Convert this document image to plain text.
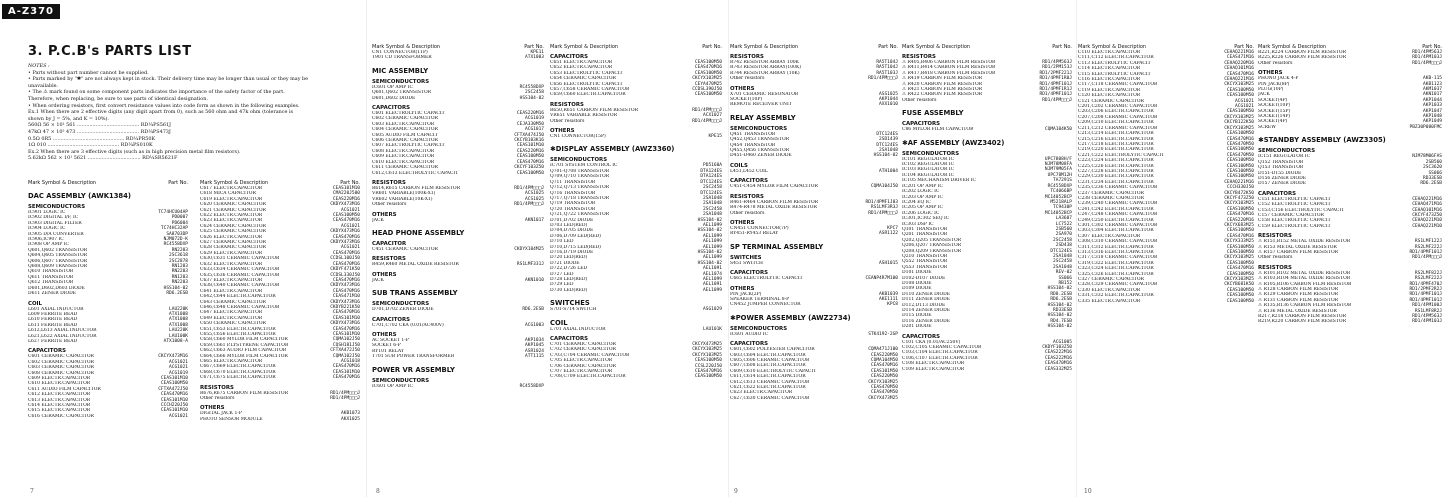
A-Z370
3. P.C.B's PARTS LIST
NOTES :
• Parts without part number cannot be supplied.
• Parts marked by "✱" are not always kept in stock. Their delivery time may be longer than usual or they may be
unavailable.
• The ⚠ mark found on some component parts indicates the importance of the safety factor of the part.
Therefore, when replacing, be sure to use parts of identical designation.
• When ordering resistors, first convert resistance values into code form as shown in the following examples.
Ex.1 When there are 2 effective digits (any digit apart from 0), such as 560 ohm and 47k ohm (tolerance is
shown by J = 5%, and K = 10%).
560Ω 56 × 10¹ 561 ........................................ RD¼PS561J
47kΩ 47 × 10³ 473 ........................................ RD¼PS473J
0.5Ω 0R5 .............................................. RD¼PR50K
1Ω 010 .............................................. RD¼PS010K
Ex.2 When there are 3 effective digits (such as in high precision metal film resistors).
5.62kΩ 562 × 10¹ 5621 .................................. RD¼SR5621F
Mark Symbol & Description	Part No.
DAC ASSEMBLY (AWK1384)
SEMICONDUCTORS
IC901 LOGIC IC	TC74HCU04AP
IC902 DIGITAL I/F, IC	PD0007
IC903 DIGITAL FILTER	PD6004
IC904 LOGIC IC	TC74HC32AP
IC905 D/A CONVERTER	SA8703DP
IC906,IC907 IC	NJM072D-K
IC908 OP AMP IC	RC4558DXP
Q601,Q602 TRANSISTOR	RN2203
Q604,Q605 TRANSISTOR	2SC3618
Q606,Q607 TRANSISTOR	2SC2878
Q608,Q609 TRANSISTOR	RN1203
Q610 TRANSISTOR	RN2203
Q611 TRANSISTOR	RN1203
Q612 TRANSISTOR	RN2203
D601,D602,D603 DIODE	HSS104-02
D611 ZENER DIODE	RD6.2ESB
COIL
L601 AXIAL INDUCTOR	LAU220K
L609 FERRITE BEAD	ATX1008
L610 FERRITE BEAD	ATX1008
L611 FERRITE BEAD	ATX1008
L612,L613 AXIAL INDUCTOR	LAU220K
L621,L622 AXIAL INDUCTOR	LAU100K
L627 FERRITE BEAD	ATX1008-A
CAPACITORS
C601 CERAMIC CAPACITOR	CKCYX473M16
C602 CERAMIC CAPACITOR	ACG1021
C603 CERAMIC CAPACITOR	ACG1021
C608 CERAMIC CAPACITOR	ACG1019
C609 ELECTR.CAPACITOR	CEAS101M10
C610 ELECTR.CAPACITOR	CEAS100M50
C611 AUDIO FILM CAPACITOR	CFTXA472J50
C612 ELECTR.CAPACITOR	CEAS470M16
C613 ELECTR.CAPACITOR	CEAS101M10
C614 ELECTR.CAPACITOR	CCCH220J50
C615 ELECTR.CAPACITOR	CEAS101M10
C616 CERAMIC CAPACITOR	ACG1021
Mark Symbol & Description	Part No.
C617 ELECTR.CAPACITOR	CEAS101M10
C618 MICA CAPACITOR	CMA220J500
C619 ELECTR.CAPACITOR	CEAS220M16
C620 CERAMIC CAPACITOR	CKDYX473M16
C621 CERAMIC CAPACITOR	ACG1021
C622 ELECTR.CAPACITOR	CEAS100M50
C623 ELECTR.CAPACITOR	CEAS470M16
C624 CERAMIC CAPACITOR	ACG1021
C625 CERAMIC CAPACITOR	CKDYX473M16
C626 ELECTR.CAPACITOR	CEAS470M16
C627 CERAMIC CAPACITOR	CKDYX473M16
C628 CERAMIC CAPACITOR	ACG1021
C629 ELECTR.CAPACITOR	CEAS470M16
C630,C631 CERAMIC CAPACITOR	CCDSL100J50
C632 ELECTR.CAPACITOR	CEAS470M16
C633,C634 CERAMIC CAPACITOR	CKDYF471K50
C635,C636 CERAMIC CAPACITOR	CCDSL330J50
C637 ELECTR.CAPACITOR	CEAS470M16
C638,C640 CERAMIC CAPACITOR	CKDYX473M16
C641 ELECTR.CAPACITOR	CEAS470M16
C642,C644 ELECTR.CAPACITOR	CEAS471M10
C643 CERAMIC CAPACITOR	CKDYX473M16
C646,C648 CERAMIC CAPACITOR	CKDYB221K50
C647 ELECTR.CAPACITOR	CEAS470M16
C649 ELECTR.CAPACITOR	CEAS101M10
C650 CERAMIC CAPACITOR	CKDYX473M16
C651,C653 ELECTR.CAPACITOR	CEAS470M16
C655,C656 ELECTR.CAPACITOR	CEAS101M10
C658,C660 MYLOR FILM CAPACITOR	CQMA102J50
C659,C661 P.LYSTYRENE CAPACITOR	CQSH181J50
C662,C663 AUDIO FILM CAPACITOR	CFTXA472J50
C664,C666 MYLOR FILM CAPACITOR	CQMA102J50
C665 ELECTR.CAPACITOR	ACG1018
C667,C669 ELECTR.CAPACITOR	CEAS470M16
C668,C670 ELECTR.CAPACITOR	CEAS101M10
C671,C675 ELECTR.CAPACITOR	CEAS470M16
RESISTORS
R676,R675 CARBON FILM RESISTOR	RD1/4PM□□□J
Other resistors	RD1/4PM□□□J
OTHERS
DIGITAL JACK 1-P	AKB1073
PHOTO SENSOR MODULE	AKX1025
7
Mark Symbol & Description	Part No.
CN1 CONNECTOR(11P)	KPE11
T901 CD TRANSFORMER	ATX1003
MIC ASSEMBLY
SEMICONDUCTORS
IC601 OP AMP IC	RC4558DXP
Q601,Q602 TRANSISTOR	2SC2458
D601,D602 DIODE	HSS104-02
CAPACITORS
C601 ELECTROLYTIC CAPACIT	CEAS220M16
C602 CERAMIC CAPACITOR	ACG1019
C603 ELECTR.CAPACITOR	CEJA330M50
C604 CERAMIC CAPACITOR	ACG1017
C605 AUDIO FILM CAPACIT	CFTXA474J50
C606 CERAMIC CAPACITOR	CKCYB103K16
C607 ELECTROLYTIC CAPACIT	CEAS101M10
C608 ELECTR.CAPACITOR	CEAS220M16
C609 ELECTR.CAPACITOR	CEAS100M50
C610 ELECTR.CAPACITOR	CEAS470M16
C611 CERAMIC CAPACITOR	CKCYF103Z50
C612,C613 ELECTROLYTIC CAPACIT	CEAS100M50
RESISTORS
R614,R615 CARBON FILM RESISTOR	RD1/4PM□□□J
VR601 VARIABLE(100K-X1)	ACS1025
VR602 VARIABLE(10K-X1)	ACS1025
Other resistors	RD1/4PM□□□J
OTHERS
JACK	AKN1017
HEAD PHONE ASSEMBLY
CAPACITOR
C451 CERAMIC CAPACITOR	CKDYX104M25
RESISTORS
R459,R460 METAL OXIDE RESISTOR	RS1LMF331J
OTHERS
JACK	AKN1010
SUB TRANS ASSEMBLY
SEMICONDUCTORS
D701,D702 ZENER DIODE	RD6.2ESB
CAPACITORS
C701,C702 CKA (0.01/AC400V)	ACG1003
OTHERS
AC SOCKET 1-P	AKP1034
SOCKET 6-P	AKP1045
RY101 RELAY	ASR1024
T701 SUB POWER TRANSFORMER	ATT1115
POWER VR ASSEMBLY
SEMICONDUCTORS
IC601 OP AMP IC	RC4558DXP
Mark Symbol & Description	Part No.
CAPACITORS
C651 ELECTR.CAPACITOR	CEAS100M50
C652 ELECTR.CAPACITOR	CEAS470M16
C653 ELECTROLYTIC CAPACIT	CEAS100M50
C654 CERAMIC CAPACITOR	CKCYX103M25
C656 ELECTROLYTIC CAPACIT	CEYA470M25
C657,C658 CERAMIC CAPACITOR	CCDSL390J50
C659,C660 ELECTR.CAPACITOR	CEAS100M50
RESISTORS
R650,R651 CARBON FILM RESISTOR	RD1/4PM□□□J
VR651 VARIABLE RESISTOR	ACX1027
Other resistors	RD1/4PM□□□J
OTHERS
CN1 CONNECTOR(15P)	KPE15
✱DISPLAY ASSEMBLY (AWZ3360)
SEMICONDUCTORS
IC701 SYSTEM CONTROL IC	PD5160A
Q701-Q708 TRANSISTOR	DTA124ES
Q709,Q710 TRANSISTOR	DTA124ES
Q711 TRANSISTOR	DTC124ES
Q712,Q713 TRANSISTOR	2SC2458
Q716 TRANSISTOR	DTC124ES
Q717,Q718 TRANSISTOR	2SA1048
Q719 TRANSISTOR	2SA1048
Q720 TRANSISTOR	2SC2458
Q721,Q722 TRANSISTOR	2SA1048
D701,D702 DIODE	HSS104-02
D703 LED(RED)	AEL1099
D704,D705 DIODE	HSS104-02
D706,D709 LED(RED)	AEL1099
D710 LED	AEL1099
D710,D715 LED(RED)	AEL1099
D716,D719 DIODE	HSS104-02
D720 LED(RED)	AEL1099
D721 DIODE	HSS104-02
D722,D726 LED	AEL1091
D727 LED	AEL1074
D728 LED(RED)	AEL1099
D729 LED	AEL1091
D730 LED(RED)	AEL1099
SWITCHES
S701-S714 SWITCH	ASG1029
COIL
L701 AXIAL INDUCTOR	LAU101K
CAPACITORS
C701 CERAMIC CAPACITOR	CKCYX473M25
C702 CERAMIC CAPACITOR	CKCYX103M25
C703,C704 CERAMIC CAPACITOR	CKCYX103M25
C705 ELECTR.CAPACITOR	CEAS100M50
C706 CERAMIC CAPACITOR	CCSL220J50
C707 ELECTR.CAPACITOR	CEAS470M16
C708,C709 ELECTR.CAPACITOR	CEAS100M50
8
Mark Symbol & Description	Part No.
RESISTORS
R742 RESISTOR ARRAY 100K	RA5T104J
R743 RESISTOR ARRAY(100K)	RA5T104J
R744 RESISTOR ARRAY (10K)	RA5T103J
Other resistors	RD1/4PM□□□J
OTHERS
X701 CERAMIC RESONATOR	ASS1025
SOCKET(10P)	AKP1044
REMOTE RECEIVER UNIT	AXX1010
RELAY ASSEMBLY
SEMICONDUCTORS
Q451 TRANSISTOR	DTC124ES
Q452,Q453 TRANSISTOR	2SD1439
Q454 TRANSISTOR	DTC124ES
Q455,Q456 TRANSISTOR	2SA1048
D451-D460 ZENER DIODE	HSS104-02
COILS
L451,L452 COIL	ATH1004
CAPACITORS
C451-C454 MYLOR FILM CAPACITOR	CQMA104J50
RESISTORS
R461-R464 CARBON FILM RESISTOR	RD1/4PMF1J03
R474-R478 METAL OXIDE RESISTOR	RS1LMF3R3J
Other resistors	RD1/4PM□□□J
OTHERS
CN451 CONNECTOR(7P)	KPC7
RY451-RY453 RELAY	ASR1122
SP TERMINAL ASSEMBLY
SWITCHES
S451 SWITCH	ASH1015
CAPACITORS
C665 ELECTROLYTIC CAPACIT	CEANP4R7M100
OTHERS
PIN JACK(2P)	AKB1039
SPEAKER TERMINAL 8-P	AKE1111
CN452 JUMPER CONNECTOR	KPC8
✱POWER ASSEMBLY (AWZ2734)
SEMICONDUCTORS
IC601 AUDIO IC	STK4192-2GP
CAPACITORS
C601,C602 POLYESTER CAPACITOR	CQMA471J100
C603,C604 ELECTR.CAPACITOR	CEAS220M50
C605,C606 CERAMIC CAPACITOR	CQMA104M50
C607,C608 ELECTR.CAPACITOR	CEAS470M16
C609,C610 ELECTROLYTIC CAPACIT	CEAS101M50
C611,C614 ELECTR.CAPACITOR	CEAS220M50
C612,C613 CERAMIC CAPACITOR	CKCYX103M25
C621,C622 ELECTR.CAPACITOR	CEAS470M50
C623 ELECTR.CAPACITOR	CEAS470M50
C627,C630 CERAMIC CAPACITOR	CKCYX473M25
Mark Symbol & Description	Part No.
RESISTORS
⚠ R405,R406 CARBON FILM RESISTOR	RD1/4PM563J
⚠ R411,R414 CARBON FILM RESISTOR	RD1/2PM153J
⚠ R417,R418 CARBON FILM RESISTOR	RD1/2PMF221J
⚠ R419 CARBON FILM RESISTOR	RD1/4PMF1R0J
⚠ R420 CARBON FILM RESISTOR	RD1/4PMF101J
⚠ R421 CARBON FILM RESISTOR	RD1/4PMF1R1J
⚠ R422 CARBON FILM RESISTOR	RD1/4PMF101J
Other resistors	RD1/4PM□□□J
FUSE ASSEMBLY
CAPACITORS
C86 MYLOR FILM CAPACITOR	CQMA104K50
✱AF ASSEMBLY (AWZ3402)
SEMICONDUCTORS
IC101 REGULATOR IC	UPC7808H/F
IC102 REGULATOR IC	NJM78M08FA
IC103 REGULATOR IC	NJM79M05FA
IC104 REGULATOR IC	UPC78M12H
IC105 MECHANISM DRIVER IC	TA7291S
IC201 OP AMP IC	RC4558DXP
IC202 LOGIC IC	TC4066BP
IC203 OP AMP IC	MC14052BCP
IC204 EQ IC	M5218ALP
IC205 OP AMP IC	TC9430P
IC206 LOGIC IC	MC14052BCP
IC301,IC302 SEQ IC	LA3607
IC303 DSP IC	LC7522
Q101 TRANSISTOR	2SB560
Q201 TRANSISTOR	2SA970
Q202,Q205 TRANSISTOR	2SC2458
Q206,Q207 TRANSISTOR	2SD438
Q208,Q209 TRANSISTOR	DTC124ES
Q210 TRANSISTOR	2SA1048
Q552 TRANSISTOR	2SC2458
Q553 TRANSISTOR	2SA1048
D101 DIODE	REV-02
D102-D107 DIODE	SS066
D108 DIODE	RB152
D109 DIODE	HSS104-02
D110 ZENER DIODE	RD8.2ESB
D111 ZENER DIODE	RD6.2ESB
D112,D113 DIODE	HSS104-02
D114 ZENER DIODE	RD33ESB
D115 DIODE	HSS104-02
D116 ZENER DIODE	RD4.7ESB
D201 DIODE	HSS104-02
CAPACITORS
C101 CKA (0.01/AC250V)	ACG1005
C102,C105 CERAMIC CAPACITOR	CKDYF103Z50
C103,C104 ELECTR.CAPACITOR	CEAS222M16
C106,C107 ELECTR.CAPACITOR	CEAS222M16
C108 ELECTR.CAPACITOR	CEAS470M16
C109 ELECTR.CAPACITOR	CEAS332M25
9
Mark Symbol & Description	Part No.
C110 ELECTR.CAPACITOR	CEHAQ221M16
C111,C112 ELECTR.CAPACITOR	CEAS471M16
C113 ELECTROLYTIC CAPACIT	CEHAQ220M16
C114 ELECTR.CAPACITOR	CEHAQ101M16
C115 ELECTROLYTIC CAPACIT	CEAS470M16
C116 ELECTR.CAPACITOR	CEHAQ221M16
C117,C118 CERAMIC CAPACITOR	CKCYX103M25
C119 ELECTR.CAPACITOR	CEAS100M50
C120 ELECTR.CAPACITOR	CEAS100M50
C121 CERAMIC CAPACITOR	ACG1021
C201,C202 CERAMIC CAPACITOR	ACG1021
C203,C206 ELECTR.CAPACITOR	CEAS100M50
C207,C208 CERAMIC CAPACITOR	CKCYX103M25
C209,C210 ELECTR.CAPACITOR	CKCYB122K50
C211,C212 CERAMIC CAPACITOR	CKCYX103M25
C213,C214 ELECTR.CAPACITOR	CEAS100M50
C215,C216 ELECTR.CAPACITOR	CEAS470M16
C217,C218 ELECTR.CAPACITOR	CEAS470M50
C219,C220 ELECTR.CAPACITOR	CEAS100M50
C221,C222 ELECTROLYTIC CAPACIT	CEAS470M50
C223,C224 ELECTR.CAPACITOR	CEAS100M50
C225,C226 ELECTR.CAPACITOR	CEAS100M50
C227,C228 ELECTR.CAPACITOR	CEAS100M50
C229,C230 ELECTR.CAPACITOR	CEAS100M50
C231,C234 ELECTR.CAPACITOR	CEHAQ221M16
C235,C236 CERAMIC CAPACITOR	CCCH330J50
C237 CERAMIC CAPACITOR	CKCYB472K50
C238 CERAMIC CAPACITOR	CKCYF473Z50
C239,C240 CERAMIC CAPACITOR	CKCYX103M25
C241,C242 ELECTR.CAPACITOR	CEAS100M50
C247,C248 CERAMIC CAPACITOR	CEAS470M16
C249,C250 ELECTR.CAPACITOR	CEAS220M16
C301,C302 CERAMIC CAPACITOR	CKCYX683M25
C303,C304 ELECTR.CAPACITOR	CEAS100M50
C307 ELECTR.CAPACITOR	CEAS470M16
C308,C310 CERAMIC CAPACITOR	CKCYX333M25
C311,C312 ELECTR.CAPACITOR	CEAS100M50
C313,C316 ELECTR.CAPACITOR	CEAS100M50
C317,C318 CERAMIC CAPACITOR	CKCYX103M25
C319,C322 ELECTR.CAPACITOR	CEAS100M50
C323,C324 ELECTR.CAPACITOR	CEAS470M16
C325,C326 ELECTR.CAPACITOR	CEAS100M50
C327 CERAMIC CAPACITOR	CKCYX103M25
C328,C329 CERAMIC CAPACITOR	CKCYB681K50
C330 ELECTR.CAPACITOR	CEAS100M50
C331,C332 ELECTR.CAPACITOR	CEAS100M50
C335 ELECTR.CAPACITOR	CEAS100M50
Mark Symbol & Description	Part No.
R221,R224 CARBON FILM RESISTOR	RD1/4PM563J
R225,R226 CARBON FILM RESISTOR	RD1/4PM103J
Other resistors	RD1/4PM□□□J
OTHERS
PHONO JACK 4-P	AKB-115
PIN JACK(8P)	AKB1123
PLUG(10P)	AKM1037
JACK	AKN1017
SOCKET(4P)	AKP1044
SOCKET(10P)	AKP1033
SOCKET(15P)	AKP1047
SOCKET(14P)	AKP1048
SOCKET(4P)	AKP1049
SCREW	PBZ30P080FMC
✱STANDBY ASSEMBLY (AWZ3305)
SEMICONDUCTORS
IC151 REGULATOR IC	NJM78M06FAS
Q152 TRANSISTOR	2SB560
Q153 TRANSISTOR	2SC3620
D151-D155 DIODE	SS066
D156 ZENER DIODE	RD33ESB
D157 ZENER DIODE	RD6.2ESB
CAPACITORS
C151 ELECTROLYTIC CAPACIT	CEHAQ221M16
C152 ELECTROLYTIC CAPACIT	CEHAQ471M16
C153,C156 ELECTROLYTIC CAPACIT	CEHAQ101M16
C157 CERAMIC CAPACITOR	CKCYF473Z50
C158 ELECTROLYTIC CAPACIT	CEHAQ221M10
C159 ELECTROLYTIC CAPACIT	CEHAQ221M10
RESISTORS
⚠ R151,R152 METAL OXIDE RESISTOR	RS1LMF122J
⚠ R153 METAL OXIDE RESISTOR	RS2LMF222J
⚠ R157 CARBON FILM RESISTOR	RD1/4PMF101J
Other resistors	RD1/4PM□□□J
RESISTORS
⚠ R101,R102 METAL OXIDE RESISTOR	RS2LMF822J
⚠ R103,R104 METAL OXIDE RESISTOR	RS2LMF222J
⚠ R105,R106 CARBON FILM RESISTOR	RD1/4PMF470J
⚠ R128 CARBON FILM RESISTOR	RD1/2PMF2R2J
⚠ R129 CARBON FILM RESISTOR	RD1/4PMF101J
⚠ R131 CARBON FILM RESISTOR	RD1/4PMF101J
⚠ R135,R136 CARBON FILM RESISTOR	RD1/4PM100J
⚠ R136 METAL OXIDE RESISTOR	RS1LMF8R2J
R217,R218 CARBON FILM RESISTOR	RD1/4PM563J
R219,R220 CARBON FILM RESISTOR	RD1/4PM103J
10
